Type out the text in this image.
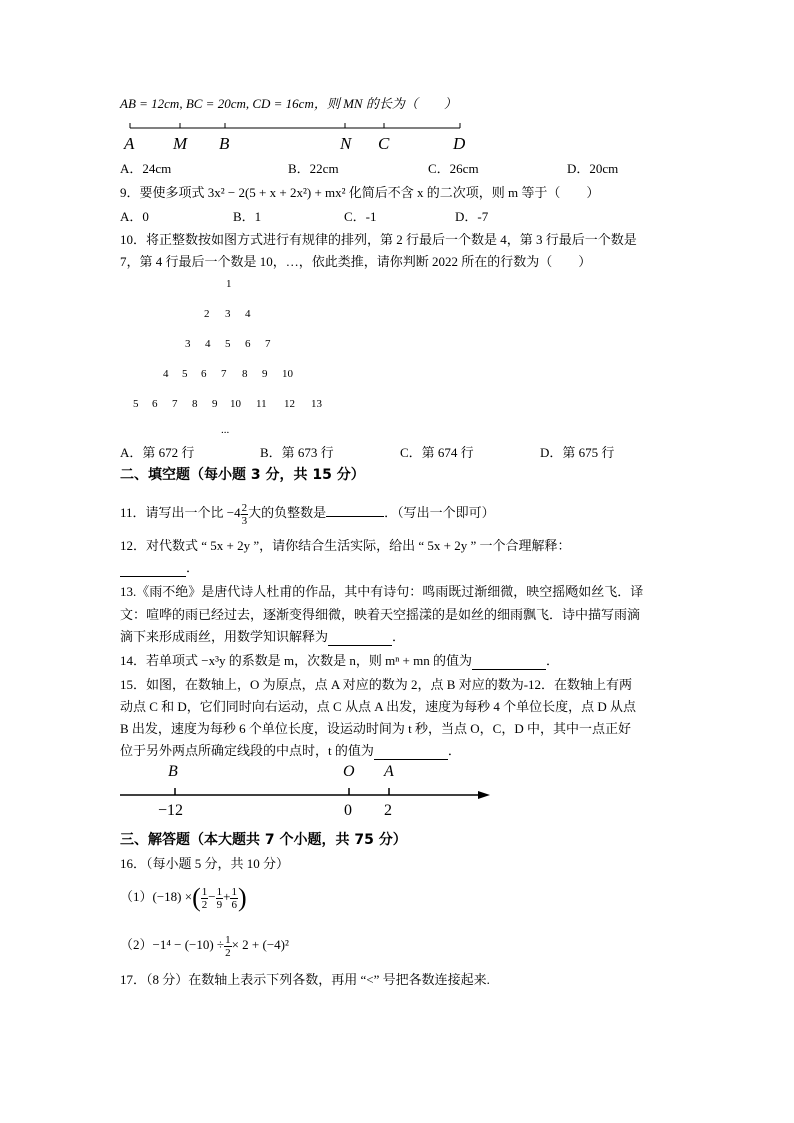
AB = 12cm, BC = 20cm, CD = 16cm，则 MN 的长为（　　）
A M B	N C	D
A．24cm	B．22cm	C．26cm	D．20cm
9．要使多项式 3x² − 2(5 + x + 2x²) + mx² 化简后不含 x 的二次项，则 m 等于（　　）
A．0	B．1	C．-1	D．-7
10．将正整数按如图方式进行有规律的排列，第 2 行最后一个数是 4，第 3 行最后一个数是
7，第 4 行最后一个数是 10，…，依此类推，请你判断 2022 所在的行数为（　　）
1
2 3 4
3 4 5 6 7
4 5 6 7 8 9 10
5 6 7 8 9 10 11 12 13
...
A．第 672 行	B．第 673 行	C．第 674 行	D．第 675 行
二、填空题（每小题 3 分，共 15 分）
11．请写出一个比 $-4 \frac{2}{3}$ 大的负整数是	．（写出一个即可）
12．对代数式 “ 5x + 2y ”，请你结合生活实际，给出 “ 5x + 2y ” 一个合理解释：
．
13.《雨不绝》是唐代诗人杜甫的作品，其中有诗句：鸣雨既过渐细微，映空摇飏如丝飞．译
文：喧哗的雨已经过去，逐渐变得细微，映着天空摇漾的是如丝的细雨飘飞．诗中描写雨滴
滴下来形成雨丝，用数学知识解释为	．
14．若单项式 −x³y 的系数是 m，次数是 n，则 mⁿ + mn 的值为	．
15．如图，在数轴上，O 为原点，点 A 对应的数为 2，点 B 对应的数为-12．在数轴上有两
动点 C 和 D，它们同时向右运动，点 C 从点 A 出发，速度为每秒 4 个单位长度，点 D 从点
B 出发，速度为每秒 6 个单位长度，设运动时间为 t 秒，当点 O，C，D 中，其中一点正好
位于另外两点所确定线段的中点时，t 的值为	．
B	O A
−12	0 2
三、解答题（本大题共 7 个小题，共 75 分）
16．（每小题 5 分，共 10 分）
（1）(−18) ×( $\frac{1}{2} - \frac{1}{9} + \frac{1}{6}$ )
$(2)-1^4 - (-10) \div \frac{1}{2} \times 2 + (-4)^2$
17．（8 分）在数轴上表示下列各数，再用 “<” 号把各数连接起来.
